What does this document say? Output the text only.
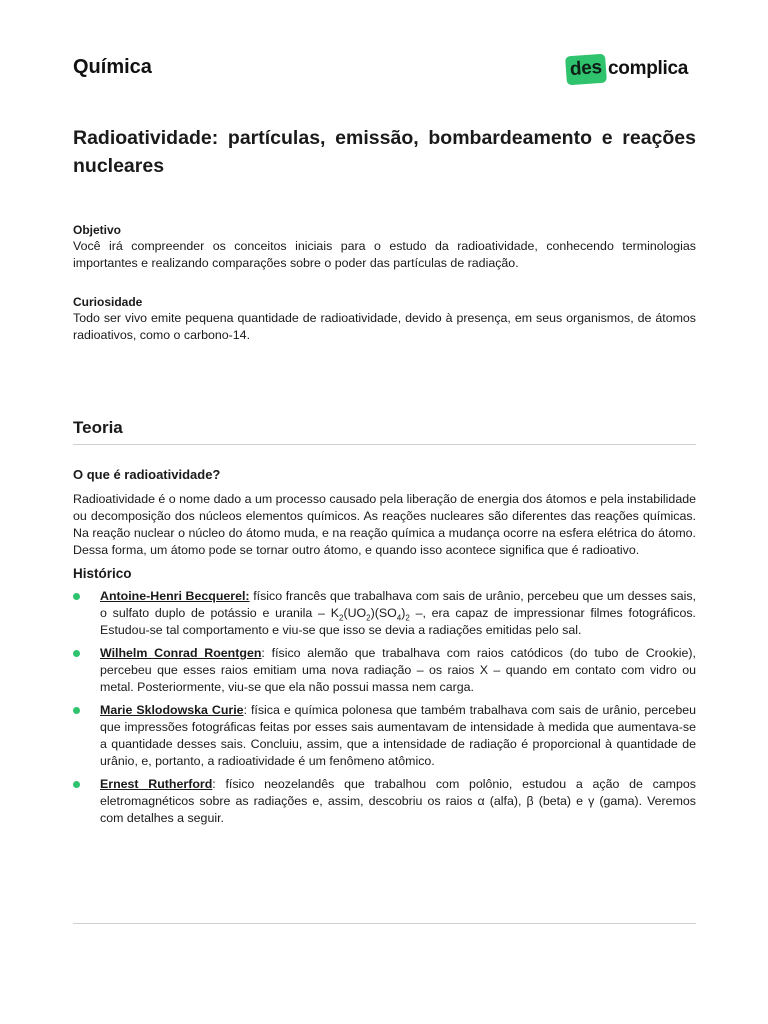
Química	des complica
Radioatividade: partículas, emissão, bombardeamento e reações nucleares

Objetivo

Você irá compreender os conceitos iniciais para o estudo da radioatividade, conhecendo terminologias importantes e realizando comparações sobre o poder das partículas de radiação.

Curiosidade

Todo ser vivo emite pequena quantidade de radioatividade, devido à presença, em seus organismos, de átomos radioativos, como o carbono-14.

Teoria

O que é radioatividade?

Radioatividade é o nome dado a um processo causado pela liberação de energia dos átomos e pela instabilidade ou decomposição dos núcleos elementos químicos. As reações nucleares são diferentes das reações químicas. Na reação nuclear o núcleo do átomo muda, e na reação química a mudança ocorre na esfera elétrica do átomo. Dessa forma, um átomo pode se tornar outro átomo, e quando isso acontece significa que é radioativo.

Histórico

Antoine-Henri Becquerel: físico francês que trabalhava com sais de urânio, percebeu que um desses sais, o sulfato duplo de potássio e uranila – $K_2(UO_2)(SO_4)_2$ –, era capaz de impressionar filmes fotográficos. Estudou-se tal comportamento e viu-se que isso se devia a radiações emitidas pelo sal.
Wilhelm Conrad Roentgen: físico alemão que trabalhava com raios catódicos (do tubo de Crookie), percebeu que esses raios emitiam uma nova radiação – os raios X – quando em contato com vidro ou metal. Posteriormente, viu-se que ela não possui massa nem carga.
Marie Sklodowska Curie: física e química polonesa que também trabalhava com sais de urânio, percebeu que impressões fotográficas feitas por esses sais aumentavam de intensidade à medida que aumentava-se a quantidade desses sais. Concluiu, assim, que a intensidade de radiação é proporcional à quantidade de urânio, e, portanto, a radioatividade é um fenômeno atômico.
Ernest Rutherford: físico neozelandês que trabalhou com polônio, estudou a ação de campos eletromagnéticos sobre as radiações e, assim, descobriu os raios α (alfa), β (beta) e γ (gama). Veremos com detalhes a seguir.
